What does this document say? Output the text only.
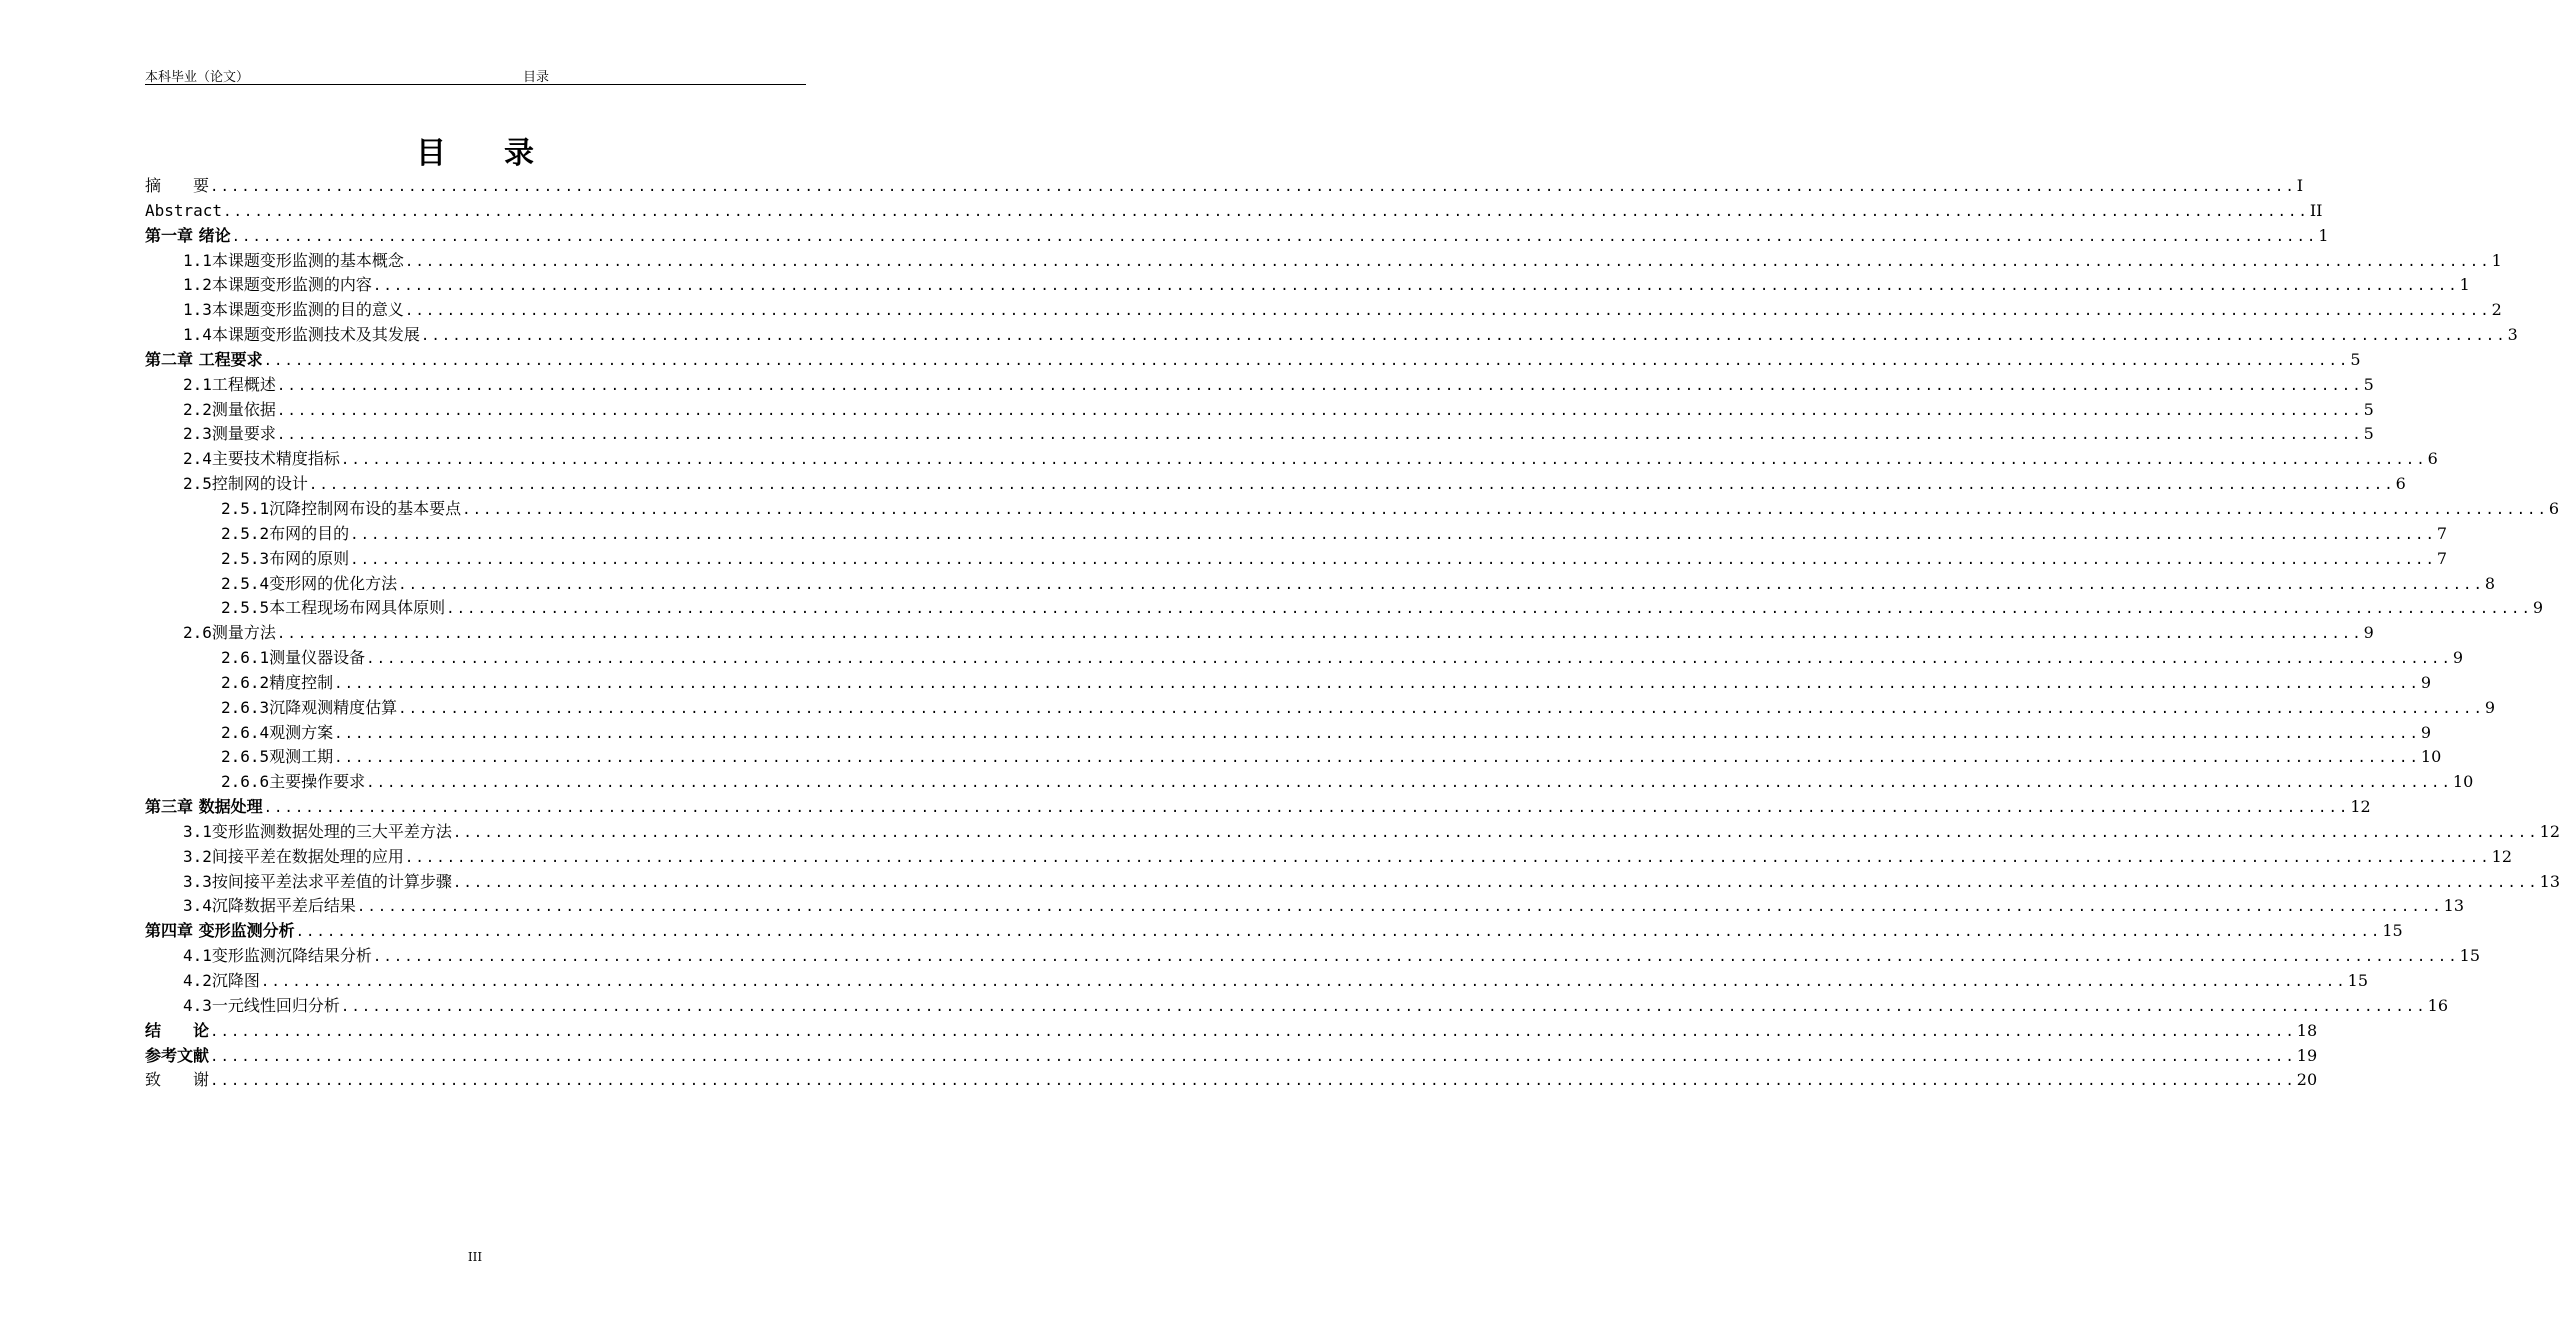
本科毕业（论文）	目录
目录
摘　　要 ........................................................................................................................................................................................................ I
Abstract ........................................................................................................................................................................................................ II
第一章 绪论 ........................................................................................................................................................................................................ 1
1.1本课题变形监测的基本概念 ........................................................................................................................................................................................................ 1
1.2本课题变形监测的内容 ........................................................................................................................................................................................................ 1
1.3本课题变形监测的目的意义 ........................................................................................................................................................................................................ 2
1.4本课题变形监测技术及其发展 ........................................................................................................................................................................................................ 3
第二章 工程要求 ........................................................................................................................................................................................................ 5
2.1工程概述 ........................................................................................................................................................................................................ 5
2.2测量依据 ........................................................................................................................................................................................................ 5
2.3测量要求 ........................................................................................................................................................................................................ 5
2.4主要技术精度指标 ........................................................................................................................................................................................................ 6
2.5控制网的设计 ........................................................................................................................................................................................................ 6
2.5.1沉降控制网布设的基本要点 ........................................................................................................................................................................................................ 6
2.5.2布网的目的 ........................................................................................................................................................................................................ 7
2.5.3布网的原则 ........................................................................................................................................................................................................ 7
2.5.4变形网的优化方法 ........................................................................................................................................................................................................ 8
2.5.5本工程现场布网具体原则 ........................................................................................................................................................................................................ 9
2.6测量方法 ........................................................................................................................................................................................................ 9
2.6.1测量仪器设备 ........................................................................................................................................................................................................ 9
2.6.2精度控制 ........................................................................................................................................................................................................ 9
2.6.3沉降观测精度估算 ........................................................................................................................................................................................................ 9
2.6.4观测方案 ........................................................................................................................................................................................................ 9
2.6.5观测工期 ........................................................................................................................................................................................................ 10
2.6.6主要操作要求 ........................................................................................................................................................................................................ 10
第三章 数据处理 ........................................................................................................................................................................................................ 12
3.1变形监测数据处理的三大平差方法 ........................................................................................................................................................................................................ 12
3.2间接平差在数据处理的应用 ........................................................................................................................................................................................................ 12
3.3按间接平差法求平差值的计算步骤 ........................................................................................................................................................................................................ 13
3.4沉降数据平差后结果 ........................................................................................................................................................................................................ 13
第四章 变形监测分析 ........................................................................................................................................................................................................ 15
4.1变形监测沉降结果分析 ........................................................................................................................................................................................................ 15
4.2沉降图 ........................................................................................................................................................................................................ 15
4.3一元线性回归分析 ........................................................................................................................................................................................................ 16
结　　论 ........................................................................................................................................................................................................ 18
参考文献 ........................................................................................................................................................................................................ 19
致　　谢 ........................................................................................................................................................................................................ 20
III
